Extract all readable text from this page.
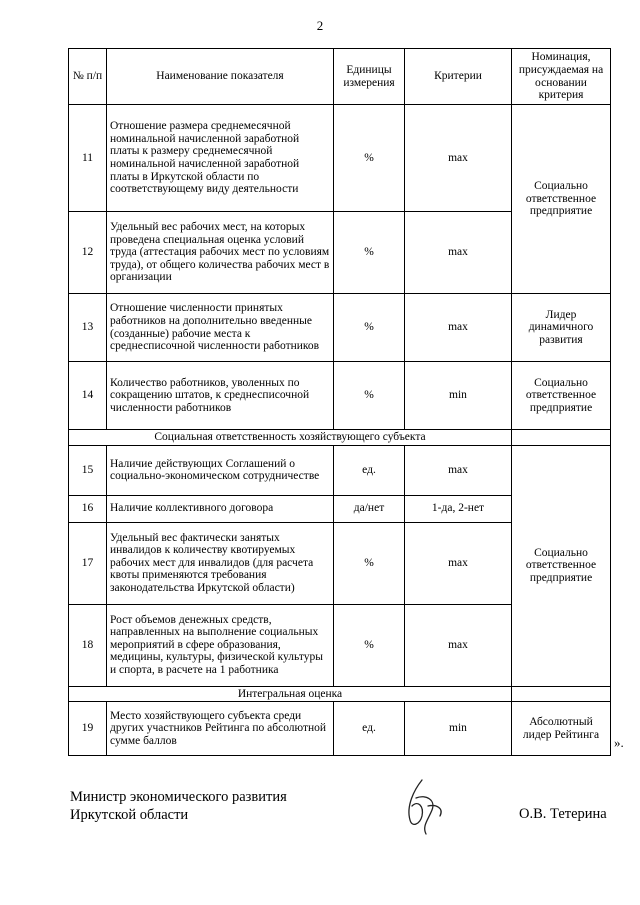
2
№ п/п	Наименование показателя	Единицы измерения	Критерии	Номинация, присуждаемая на основании критерия
11	Отношение размера среднемесячной номинальной начисленной заработной платы к размеру среднемесячной номинальной начисленной заработной платы в Иркутской области по соответствующему виду деятельности	%	max	Социально ответственное предприятие
12	Удельный вес рабочих мест, на которых проведена специальная оценка условий труда (аттестация рабочих мест по условиям труда), от общего количества рабочих мест в организации	%	max	
13	Отношение численности принятых работников на дополнительно введенные (созданные) рабочие места к среднесписочной численности работников	%	max	Лидер динамичного развития
14	Количество работников, уволенных по сокращению штатов, к среднесписочной численности работников	%	min	Социально ответственное предприятие
Социальная ответственность хозяйствующего субъекта				
15	Наличие действующих Соглашений о социально-экономическом сотрудничестве	ед.	max	Социально ответственное предприятие
16	Наличие коллективного договора	да/нет	1-да, 2-нет	
17	Удельный вес фактически занятых инвалидов к количеству квотируемых рабочих мест для инвалидов (для расчета квоты применяются требования законодательства Иркутской области)	%	max	
18	Рост объемов денежных средств, направленных на выполнение социальных мероприятий в сфере образования, медицины, культуры, физической культуры и спорта, в расчете на 1 работника	%	max	
Интегральная оценка				
19	Место хозяйствующего субъекта среди других участников Рейтинга по абсолютной сумме баллов	ед.	min	Абсолютный лидер Рейтинга
».
Министр экономического развития
Иркутской области	О.В. Тетерина
